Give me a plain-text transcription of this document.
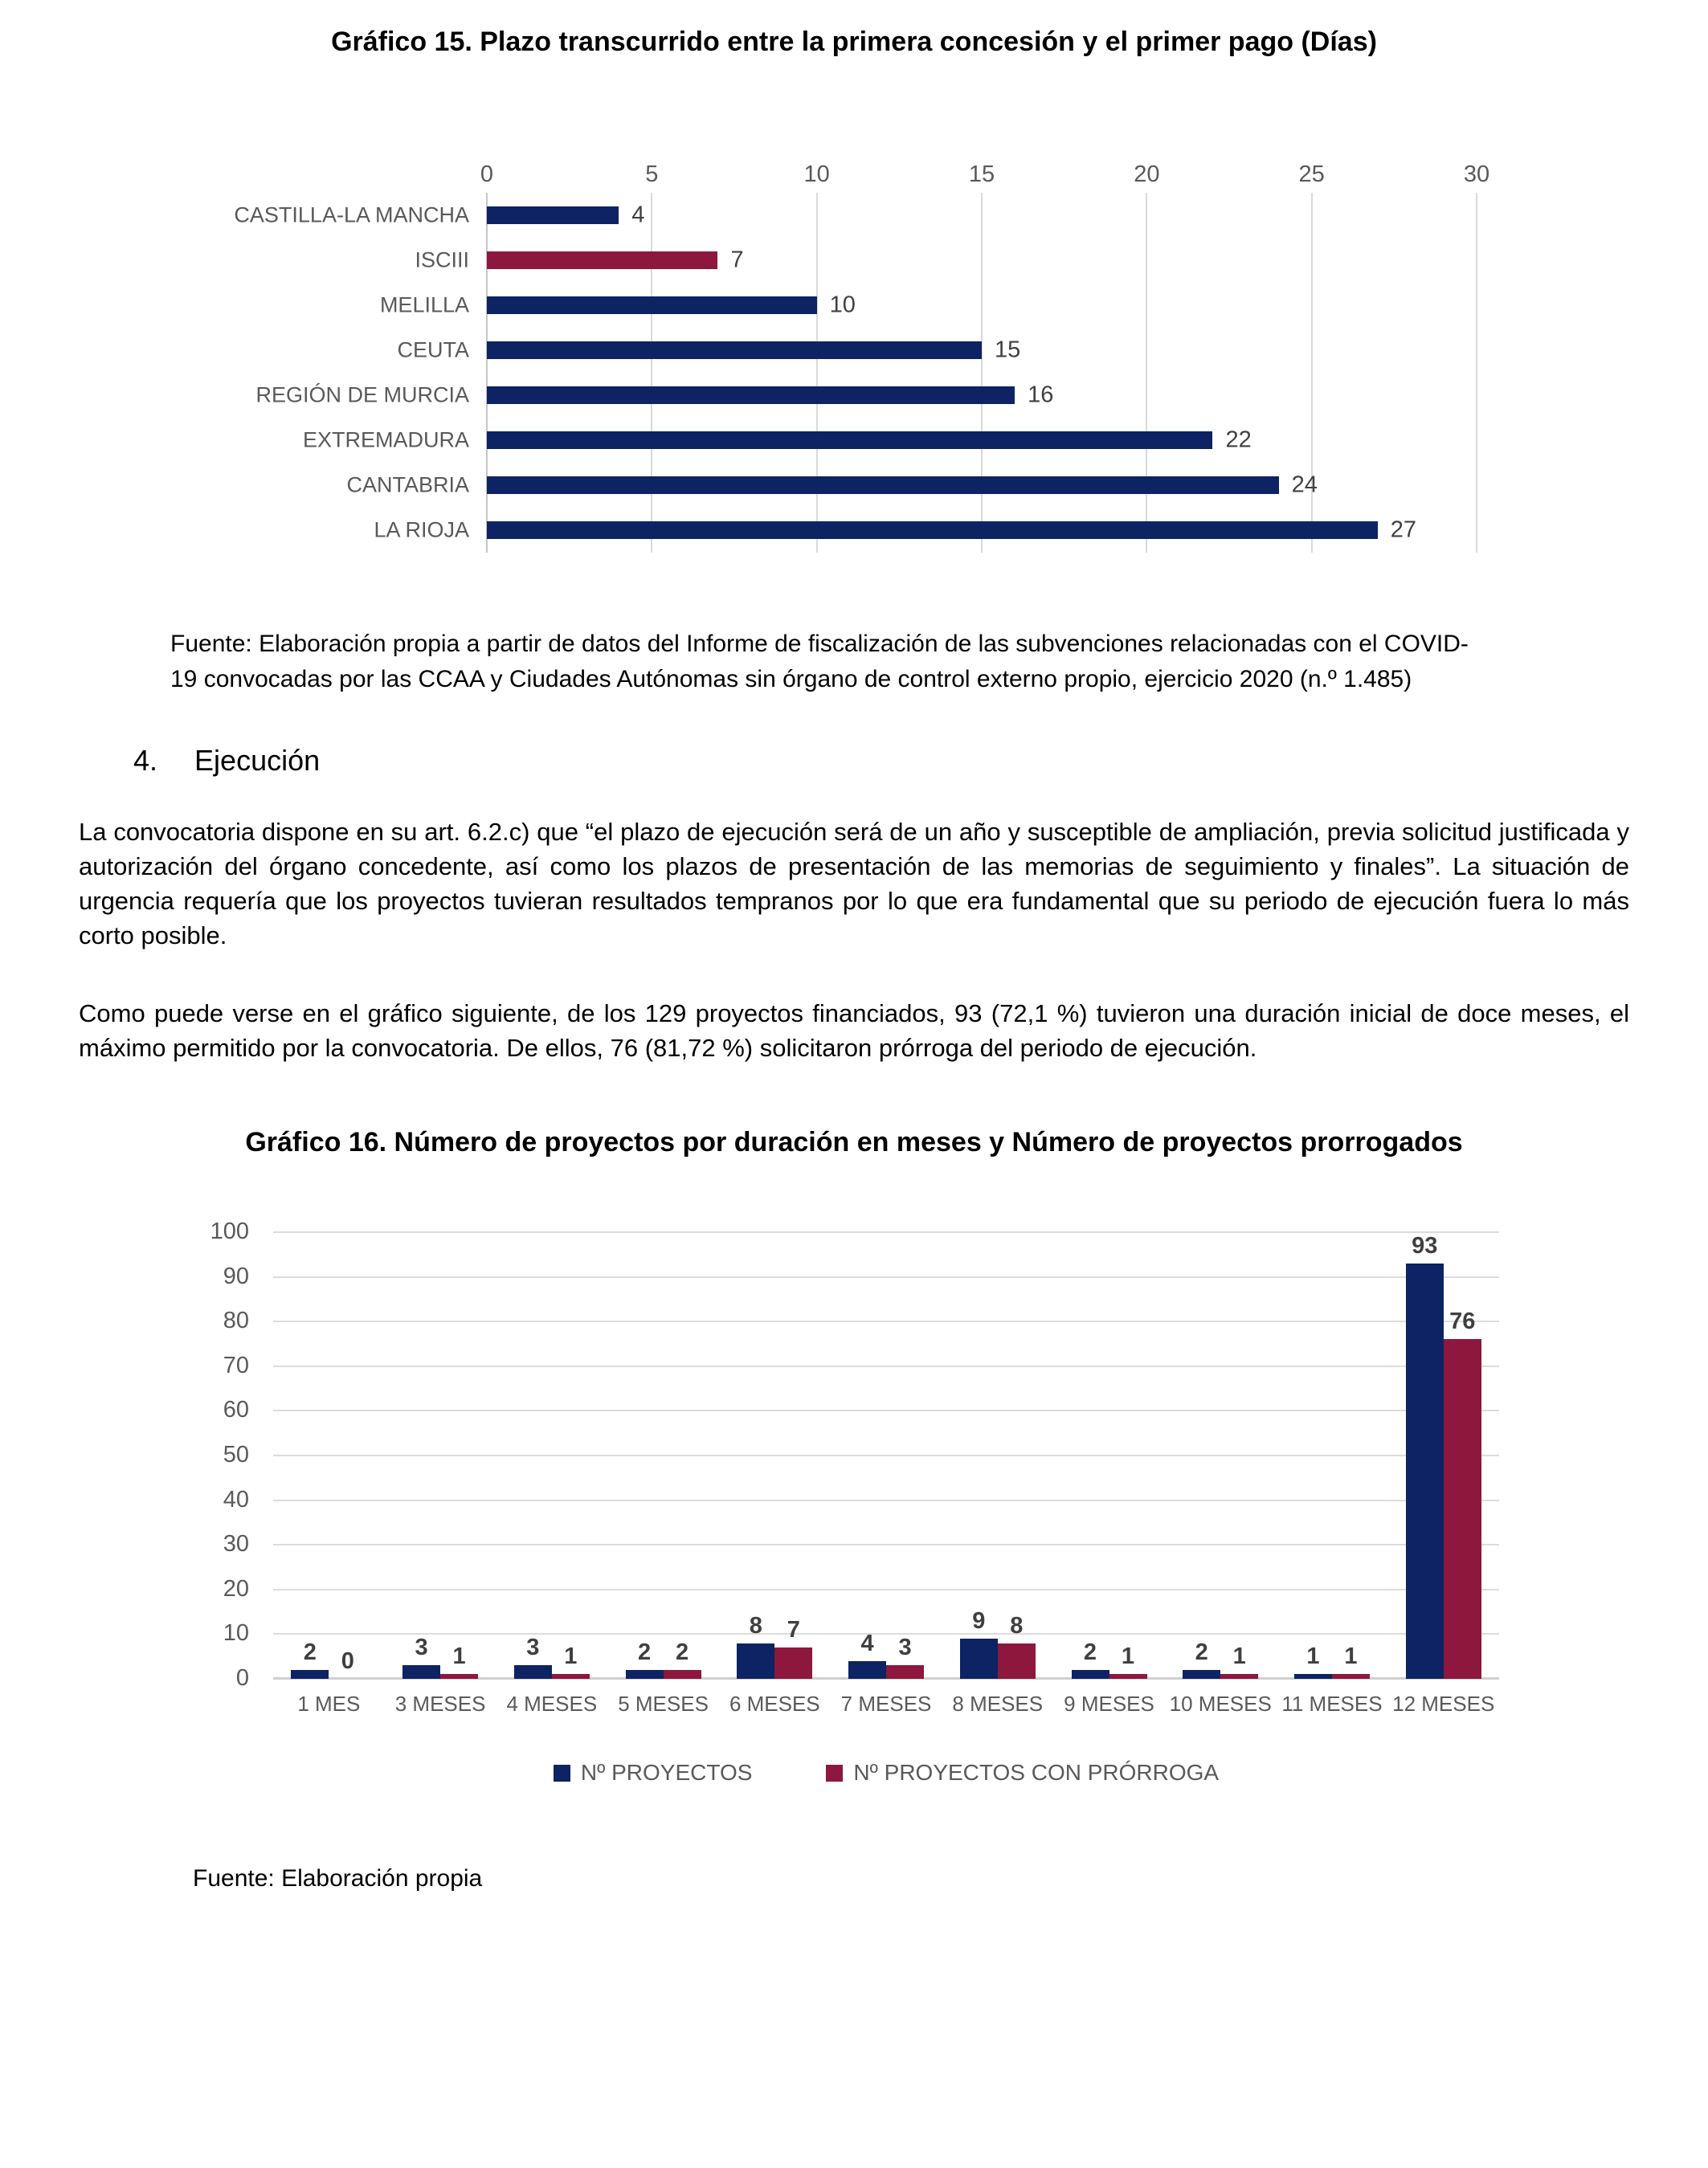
Gráfico 15. Plazo transcurrido entre la primera concesión y el primer pago (Días)
0	5	10	15	20	25	30
CASTILLA-LA MANCHA	4
ISCIII	7
MELILLA	10
CEUTA	15
REGIÓN DE MURCIA	16
EXTREMADURA	22
CANTABRIA	24
LA RIOJA	27
Fuente: Elaboración propia a partir de datos del Informe de fiscalización de las subvenciones relacionadas con el COVID-19 convocadas por las CCAA y Ciudades Autónomas sin órgano de control externo propio, ejercicio 2020 (n.º 1.485)
4. Ejecución
La convocatoria dispone en su art. 6.2.c) que “el plazo de ejecución será de un año y susceptible de ampliación, previa solicitud justificada y autorización del órgano concedente, así como los plazos de presentación de las memorias de seguimiento y finales”. La situación de urgencia requería que los proyectos tuvieran resultados tempranos por lo que era fundamental que su periodo de ejecución fuera lo más corto posible.
Como puede verse en el gráfico siguiente, de los 129 proyectos financiados, 93 (72,1 %) tuvieron una duración inicial de doce meses, el máximo permitido por la convocatoria. De ellos, 76 (81,72 %) solicitaron prórroga del periodo de ejecución.
Gráfico 16. Número de proyectos por duración en meses y Número de proyectos prorrogados
0
10
20
30
40
50
60
70
80
90
100
2 0
3 1	3 1	2 2
8 7
4 3
9 8
2 1	2 1	1 1
93
76
1 MES	3 MESES	4 MESES	5 MESES	6 MESES	7 MESES	8 MESES	9 MESES 10 MESES 11 MESES 12 MESES
Nº PROYECTOS	Nº PROYECTOS CON PRÓRROGA
Fuente: Elaboración propia
